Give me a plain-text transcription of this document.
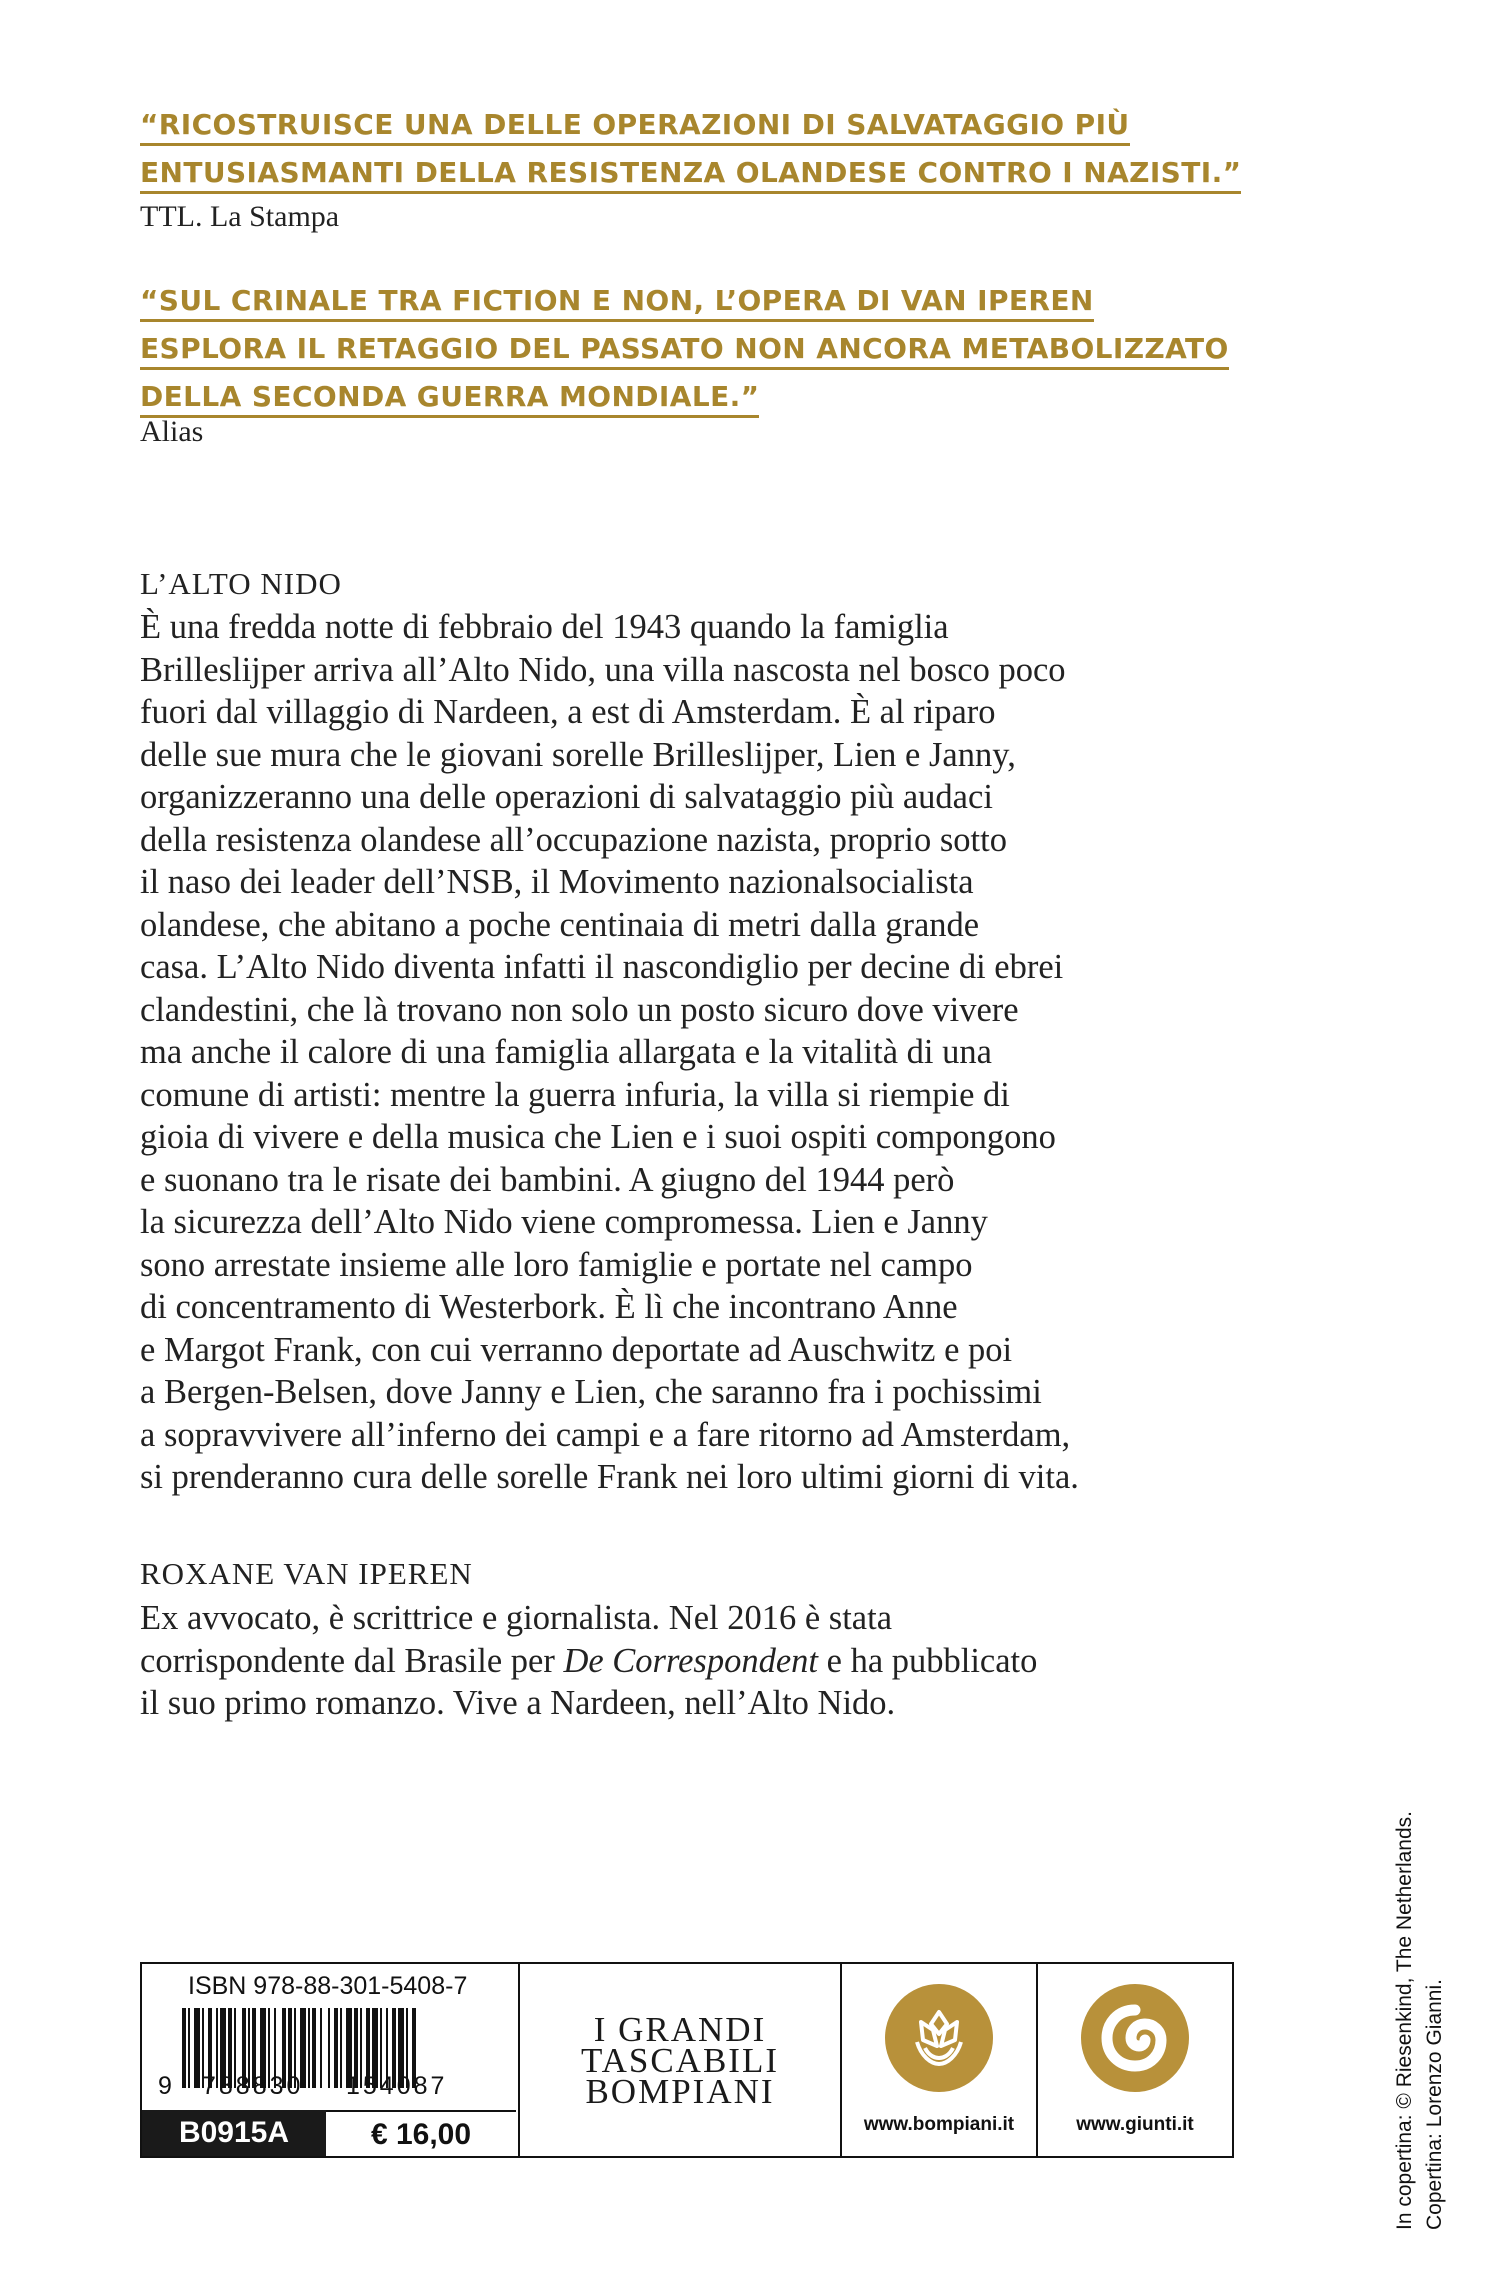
“RICOSTRUISCE UNA DELLE OPERAZIONI DI SALVATAGGIO PIÙ
ENTUSIASMANTI DELLA RESISTENZA OLANDESE CONTRO I NAZISTI.”
TTL. La Stampa
“SUL CRINALE TRA FICTION E NON, L’OPERA DI VAN IPEREN
ESPLORA IL RETAGGIO DEL PASSATO NON ANCORA METABOLIZZATO
DELLA SECONDA GUERRA MONDIALE.”
Alias
L’ALTO NIDO
È una fredda notte di febbraio del 1943 quando la famiglia
Brilleslijper arriva all’Alto Nido, una villa nascosta nel bosco poco
fuori dal villaggio di Nardeen, a est di Amsterdam. È al riparo
delle sue mura che le giovani sorelle Brilleslijper, Lien e Janny,
organizzeranno una delle operazioni di salvataggio più audaci
della resistenza olandese all’occupazione nazista, proprio sotto
il naso dei leader dell’NSB, il Movimento nazionalsocialista
olandese, che abitano a poche centinaia di metri dalla grande
casa. L’Alto Nido diventa infatti il nascondiglio per decine di ebrei
clandestini, che là trovano non solo un posto sicuro dove vivere
ma anche il calore di una famiglia allargata e la vitalità di una
comune di artisti: mentre la guerra infuria, la villa si riempie di
gioia di vivere e della musica che Lien e i suoi ospiti compongono
e suonano tra le risate dei bambini. A giugno del 1944 però
la sicurezza dell’Alto Nido viene compromessa. Lien e Janny
sono arrestate insieme alle loro famiglie e portate nel campo
di concentramento di Westerbork. È lì che incontrano Anne
e Margot Frank, con cui verranno deportate ad Auschwitz e poi
a Bergen-Belsen, dove Janny e Lien, che saranno fra i pochissimi
a sopravvivere all’inferno dei campi e a fare ritorno ad Amsterdam,
si prenderanno cura delle sorelle Frank nei loro ultimi giorni di vita.
ROXANE VAN IPEREN
Ex avvocato, è scrittrice e giornalista. Nel 2016 è stata
corrispondente dal Brasile per De Correspondent e ha pubblicato
il suo primo romanzo. Vive a Nardeen, nell’Alto Nido.
In copertina: © Riesenkind, The Netherlands. Copertina: Lorenzo Gianni.
ISBN 978-88-301-5408-7
9 788830 154087
B0915A	€ 16,00
I GRANDI
TASCABILI
BOMPIANI
www.bompiani.it	www.giunti.it
